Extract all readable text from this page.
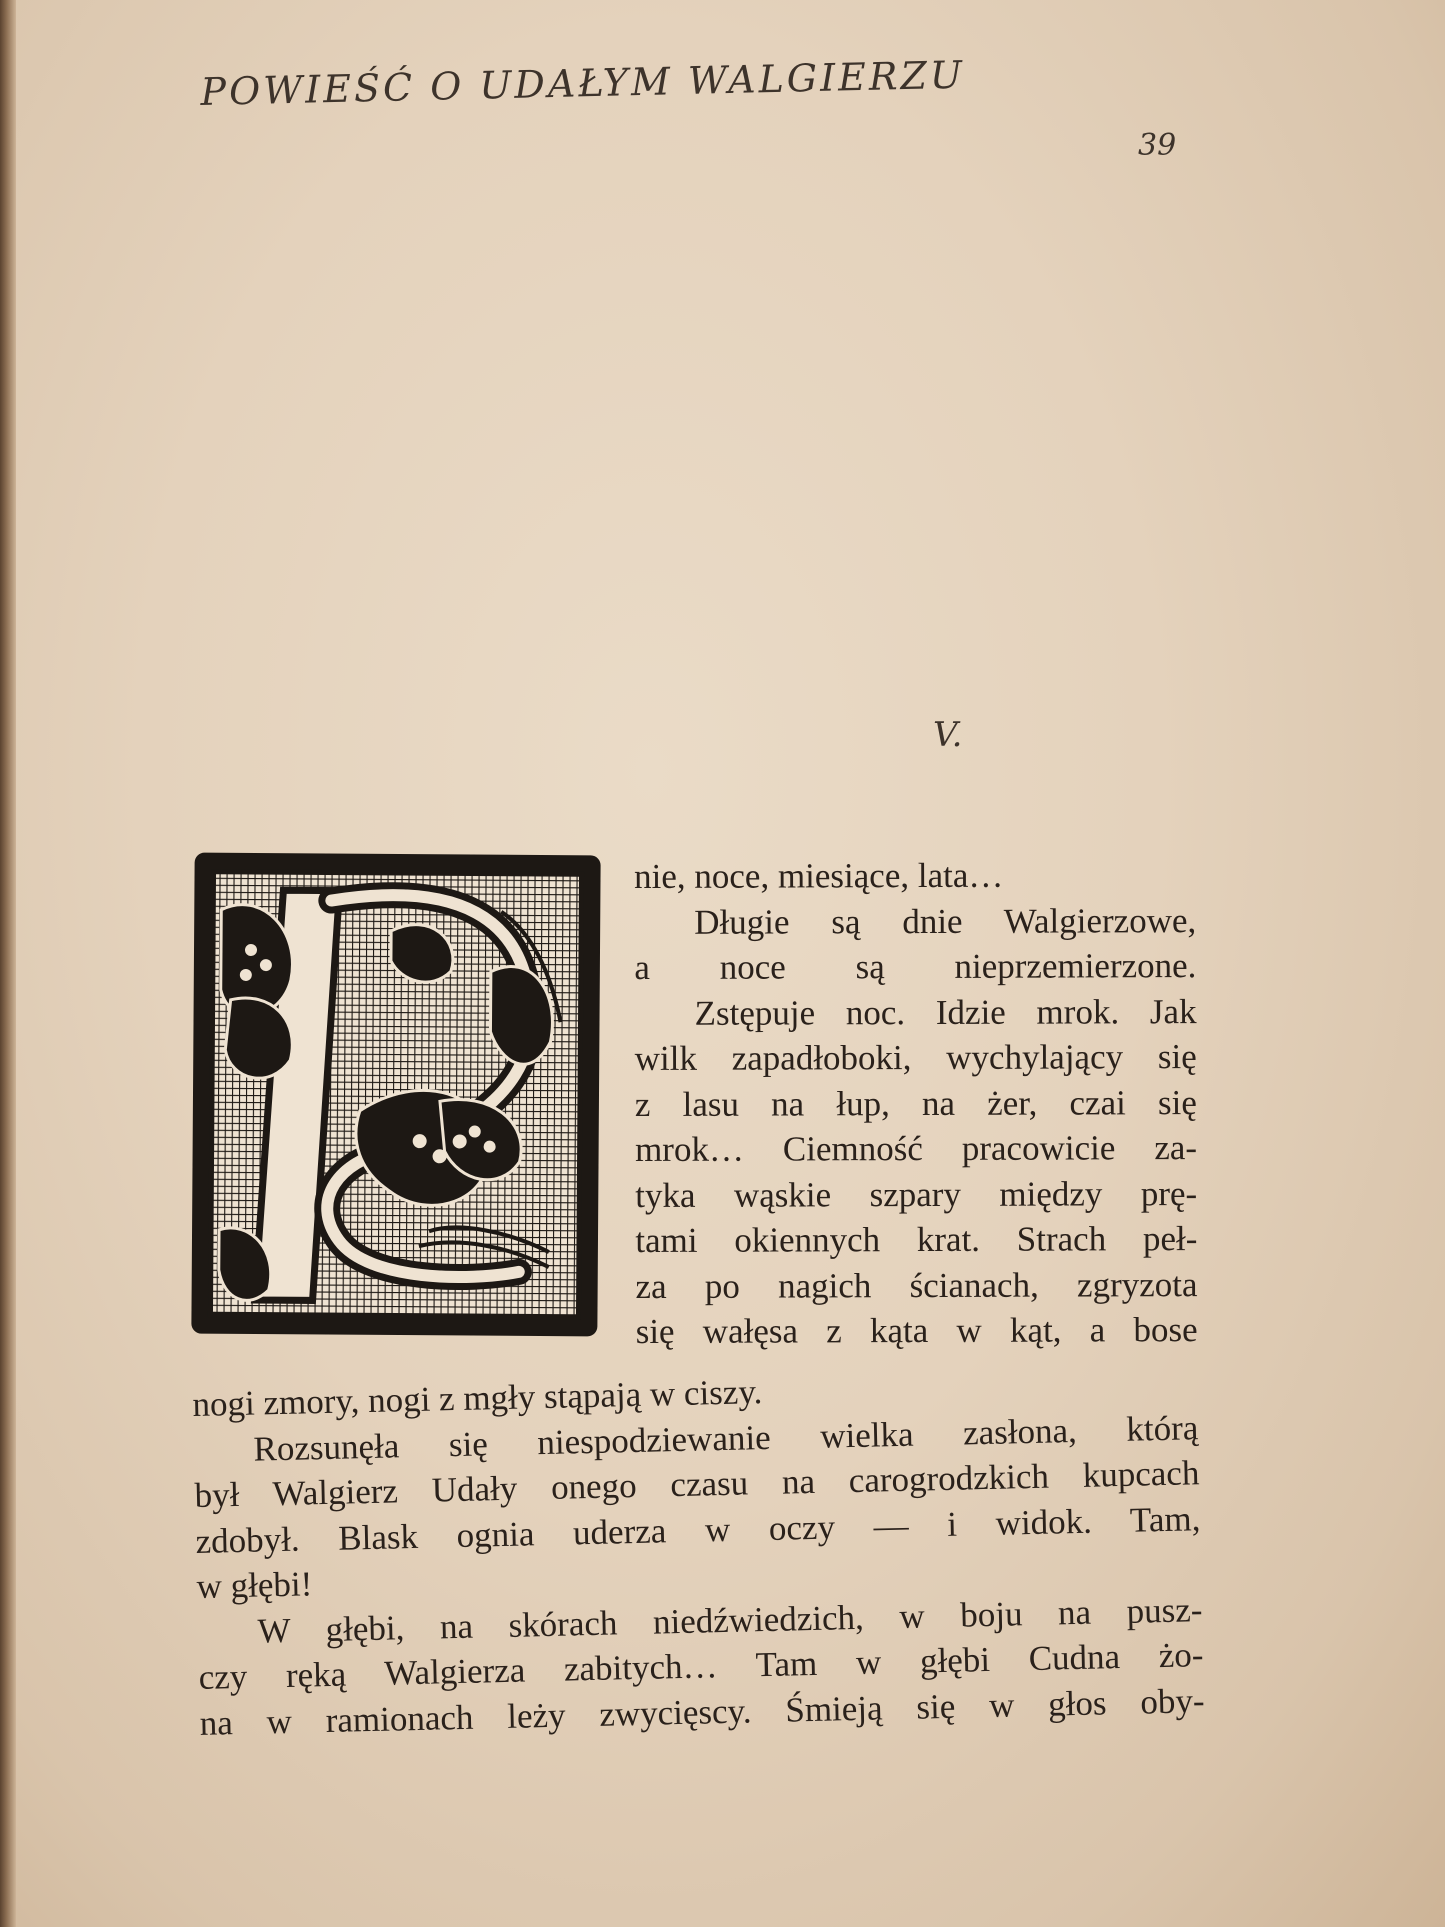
POWIEŚĆ O UDAŁYM WALGIERZU
39
V.
nie, noce, miesiące, lata…
Długie są dnie Walgierzowe,
a noce są nieprzemierzone.
Zstępuje noc. Idzie mrok. Jak
wilk zapadłoboki, wychylający się
z lasu na łup, na żer, czai się
mrok… Ciemność pracowicie za-
tyka wąskie szpary między prę-
tami okiennych krat. Strach peł-
za po nagich ścianach, zgryzota
się wałęsa z kąta w kąt, a bose
nogi zmory, nogi z mgły stąpają w ciszy.
Rozsunęła się niespodziewanie wielka zasłona, którą
był Walgierz Udały onego czasu na carogrodzkich kupcach
zdobył. Blask ognia uderza w oczy — i widok. Tam,
w głębi!
W głębi, na skórach niedźwiedzich, w boju na pusz-
czy ręką Walgierza zabitych… Tam w głębi Cudna żo-
na w ramionach leży zwycięscy. Śmieją się w głos oby-
